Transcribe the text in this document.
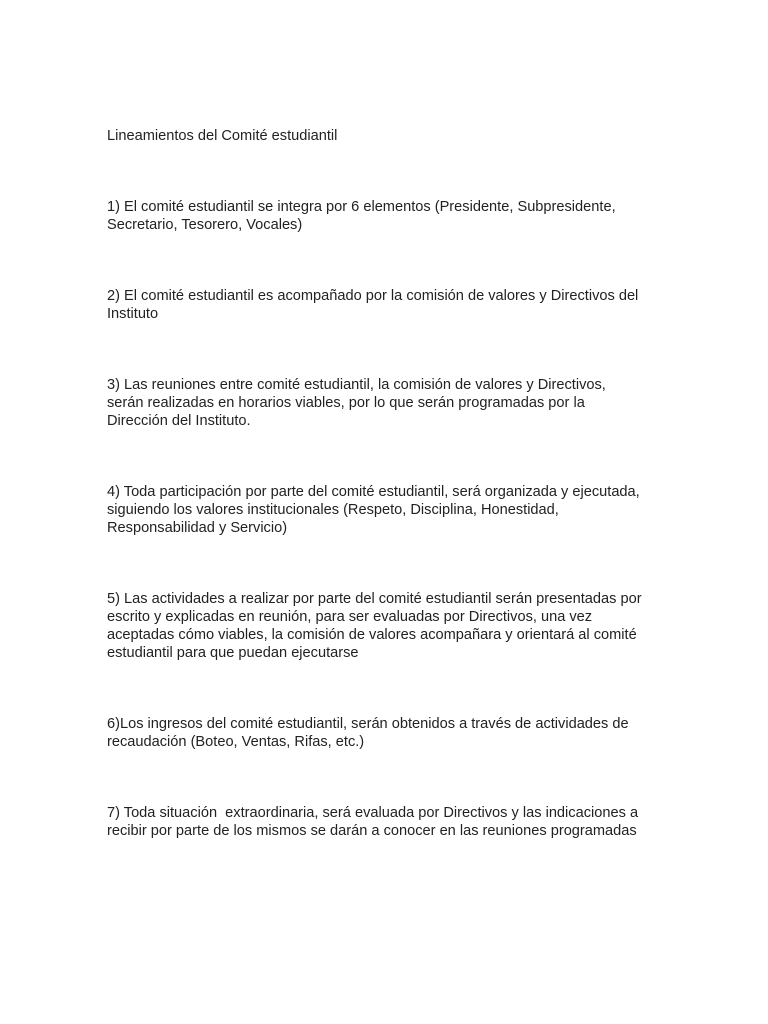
Lineamientos del Comité estudiantil

1) El comité estudiantil se integra por 6 elementos (Presidente, Subpresidente,
Secretario, Tesorero, Vocales)

2) El comité estudiantil es acompañado por la comisión de valores y Directivos del
Instituto

3) Las reuniones entre comité estudiantil, la comisión de valores y Directivos,
serán realizadas en horarios viables, por lo que serán programadas por la
Dirección del Instituto.

4) Toda participación por parte del comité estudiantil, será organizada y ejecutada,
siguiendo los valores institucionales (Respeto, Disciplina, Honestidad,
Responsabilidad y Servicio)

5) Las actividades a realizar por parte del comité estudiantil serán presentadas por
escrito y explicadas en reunión, para ser evaluadas por Directivos, una vez
aceptadas cómo viables, la comisión de valores acompañara y orientará al comité
estudiantil para que puedan ejecutarse

6)Los ingresos del comité estudiantil, serán obtenidos a través de actividades de
recaudación (Boteo, Ventas, Rifas, etc.)

7) Toda situación  extraordinaria, será evaluada por Directivos y las indicaciones a
recibir por parte de los mismos se darán a conocer en las reuniones programadas
